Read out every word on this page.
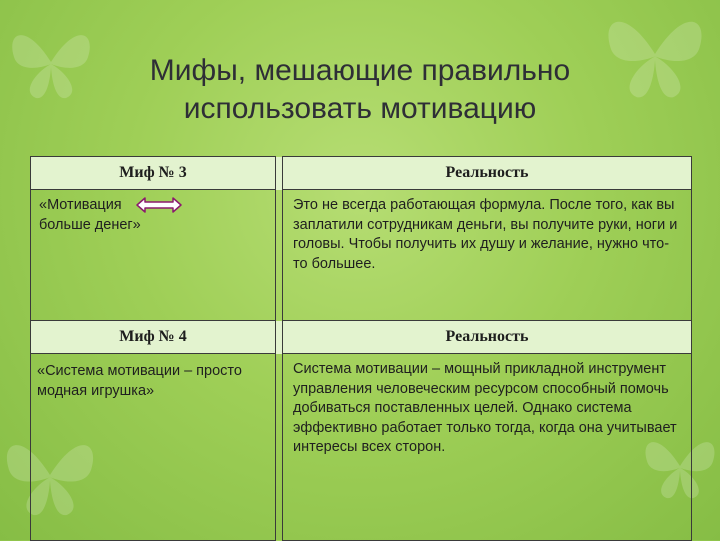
Мифы, мешающие правильно
использовать мотивацию
Миф № 3		Реальность

«Мотивация
больше денег»		Это не всегда работающая формула. После того, как вы заплатили сотрудникам деньги, вы получите руки, ноги и головы. Чтобы получить их душу и желание, нужно что-то большее.
Миф № 4		Реальность
«Система мотивации – просто модная игрушка»		Система мотивации – мощный прикладной инструмент управления человеческим ресурсом способный помочь добиваться поставленных целей. Однако система эффективно работает только тогда, когда она учитывает интересы всех сторон.
